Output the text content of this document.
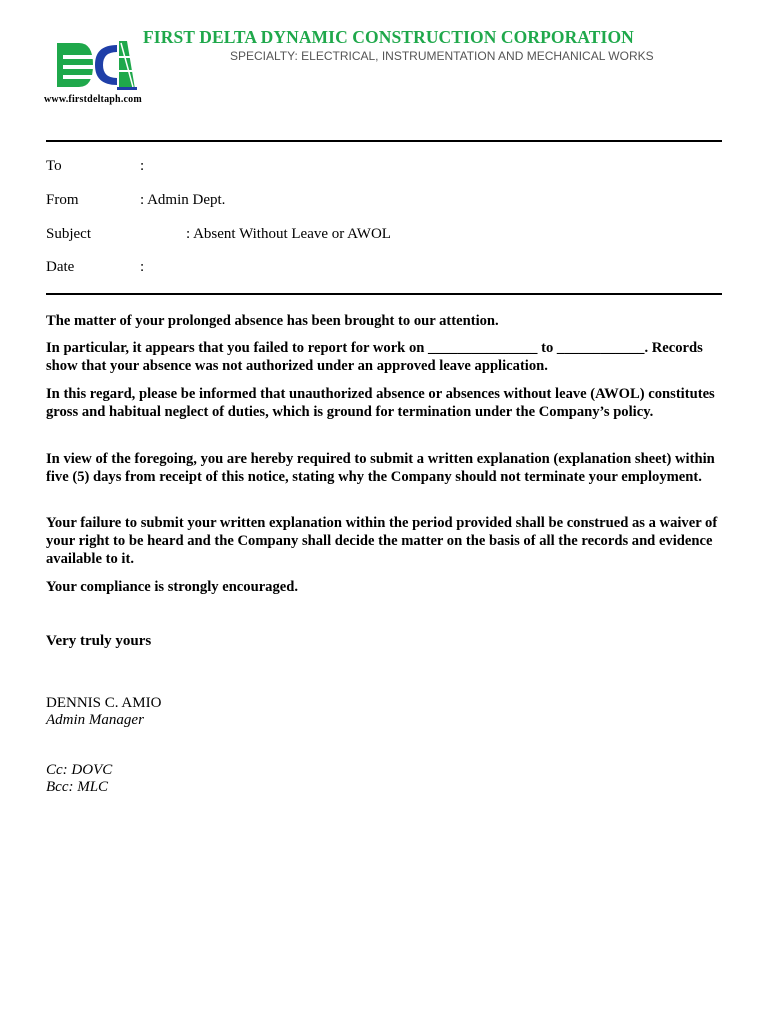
www.firstdeltaph.com
FIRST DELTA DYNAMIC CONSTRUCTION CORPORATION
SPECIALTY: ELECTRICAL, INSTRUMENTATION AND MECHANICAL WORKS
To	:
From	: Admin Dept.
Subject	: Absent Without Leave or AWOL
Date	:

The matter of your prolonged absence has been brought to our attention.

In particular, it appears that you failed to report for work on _______________ to ____________. Records show that your absence was not authorized under an approved leave application.

In this regard, please be informed that unauthorized absence or absences without leave (AWOL) constitutes gross and habitual neglect of duties, which is ground for termination under the Company’s policy.

In view of the foregoing, you are hereby required to submit a written explanation (explanation sheet) within five (5) days from receipt of this notice, stating why the Company should not terminate your employment.

Your failure to submit your written explanation within the period provided shall be construed as a waiver of your right to be heard and the Company shall decide the matter on the basis of all the records and evidence available to it.

Your compliance is strongly encouraged.

Very truly yours
DENNIS C. AMIO
Admin Manager
Cc: DOVC
Bcc: MLC
